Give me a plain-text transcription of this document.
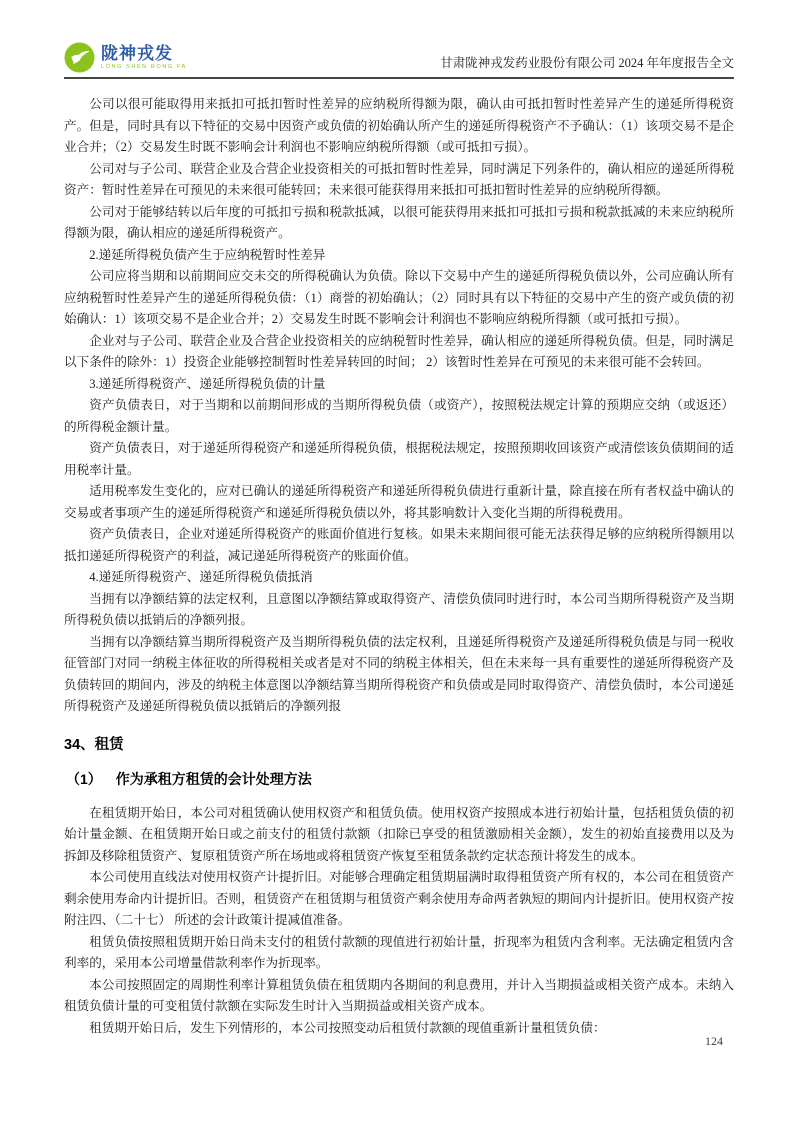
陇神戎发
LONG SHEN RONG FA	甘肃陇神戎发药业股份有限公司 2024 年年度报告全文

公司以很可能取得用来抵扣可抵扣暂时性差异的应纳税所得额为限，确认由可抵扣暂时性差异产生的递延所得税资产。但是，同时具有以下特征的交易中因资产或负债的初始确认所产生的递延所得税资产不予确认：（1）该项交易不是企业合并；（2）交易发生时既不影响会计利润也不影响应纳税所得额（或可抵扣亏损）。

公司对与子公司、联营企业及合营企业投资相关的可抵扣暂时性差异，同时满足下列条件的，确认相应的递延所得税资产：暂时性差异在可预见的未来很可能转回；未来很可能获得用来抵扣可抵扣暂时性差异的应纳税所得额。

公司对于能够结转以后年度的可抵扣亏损和税款抵减，以很可能获得用来抵扣可抵扣亏损和税款抵减的未来应纳税所得额为限，确认相应的递延所得税资产。

2.递延所得税负债产生于应纳税暂时性差异

公司应将当期和以前期间应交未交的所得税确认为负债。除以下交易中产生的递延所得税负债以外，公司应确认所有应纳税暂时性差异产生的递延所得税负债：（1）商誉的初始确认；（2）同时具有以下特征的交易中产生的资产或负债的初始确认：1）该项交易不是企业合并；2）交易发生时既不影响会计利润也不影响应纳税所得额（或可抵扣亏损）。

企业对与子公司、联营企业及合营企业投资相关的应纳税暂时性差异，确认相应的递延所得税负债。但是，同时满足以下条件的除外：1）投资企业能够控制暂时性差异转回的时间； 2）该暂时性差异在可预见的未来很可能不会转回。

3.递延所得税资产、递延所得税负债的计量

资产负债表日，对于当期和以前期间形成的当期所得税负债（或资产），按照税法规定计算的预期应交纳（或返还）的所得税金额计量。

资产负债表日，对于递延所得税资产和递延所得税负债，根据税法规定，按照预期收回该资产或清偿该负债期间的适用税率计量。

适用税率发生变化的，应对已确认的递延所得税资产和递延所得税负债进行重新计量，除直接在所有者权益中确认的交易或者事项产生的递延所得税资产和递延所得税负债以外，将其影响数计入变化当期的所得税费用。

资产负债表日，企业对递延所得税资产的账面价值进行复核。如果未来期间很可能无法获得足够的应纳税所得额用以抵扣递延所得税资产的利益，减记递延所得税资产的账面价值。

4.递延所得税资产、递延所得税负债抵消

当拥有以净额结算的法定权利，且意图以净额结算或取得资产、清偿负债同时进行时，本公司当期所得税资产及当期所得税负债以抵销后的净额列报。

当拥有以净额结算当期所得税资产及当期所得税负债的法定权利，且递延所得税资产及递延所得税负债是与同一税收征管部门对同一纳税主体征收的所得税相关或者是对不同的纳税主体相关，但在未来每一具有重要性的递延所得税资产及负债转回的期间内，涉及的纳税主体意图以净额结算当期所得税资产和负债或是同时取得资产、清偿负债时，本公司递延所得税资产及递延所得税负债以抵销后的净额列报

34、租赁
（1） 作为承租方租赁的会计处理方法

在租赁期开始日，本公司对租赁确认使用权资产和租赁负债。使用权资产按照成本进行初始计量，包括租赁负债的初始计量金额、在租赁期开始日或之前支付的租赁付款额（扣除已享受的租赁激励相关金额），发生的初始直接费用以及为拆卸及移除租赁资产、复原租赁资产所在场地或将租赁资产恢复至租赁条款约定状态预计将发生的成本。

本公司使用直线法对使用权资产计提折旧。对能够合理确定租赁期届满时取得租赁资产所有权的，本公司在租赁资产剩余使用寿命内计提折旧。否则，租赁资产在租赁期与租赁资产剩余使用寿命两者孰短的期间内计提折旧。使用权资产按附注四、（二十七） 所述的会计政策计提减值准备。

租赁负债按照租赁期开始日尚未支付的租赁付款额的现值进行初始计量，折现率为租赁内含利率。无法确定租赁内含利率的，采用本公司增量借款利率作为折现率。

本公司按照固定的周期性利率计算租赁负债在租赁期内各期间的利息费用，并计入当期损益或相关资产成本。未纳入租赁负债计量的可变租赁付款额在实际发生时计入当期损益或相关资产成本。

租赁期开始日后，发生下列情形的，本公司按照变动后租赁付款额的现值重新计量租赁负债：

124
